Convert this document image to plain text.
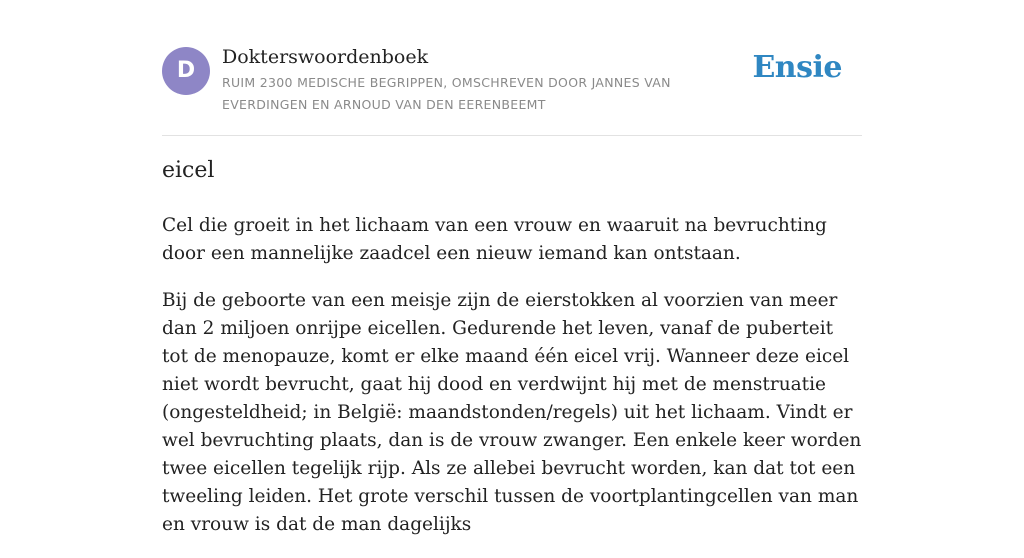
D
Dokterswoordenboek
RUIM 2300 MEDISCHE BEGRIPPEN, OMSCHREVEN DOOR JANNES VAN EVERDINGEN EN ARNOUD VAN DEN EERENBEEMT
Ensie
eicel

Cel die groeit in het lichaam van een vrouw en waaruit na bevruchting door een mannelijke zaadcel een nieuw iemand kan ontstaan.

Bij de geboorte van een meisje zijn de eierstokken al voorzien van meer dan 2 miljoen onrijpe eicellen. Gedurende het leven, vanaf de puberteit tot de menopauze, komt er elke maand één eicel vrij. Wanneer deze eicel niet wordt bevrucht, gaat hij dood en verdwijnt hij met de menstruatie (ongesteldheid; in België: maandstonden/regels) uit het lichaam. Vindt er wel bevruchting plaats, dan is de vrouw zwanger. Een enkele keer worden twee eicellen tegelijk rijp. Als ze allebei bevrucht worden, kan dat tot een tweeling leiden. Het grote verschil tussen de voortplantingcellen van man en vrouw is dat de man dagelijks
